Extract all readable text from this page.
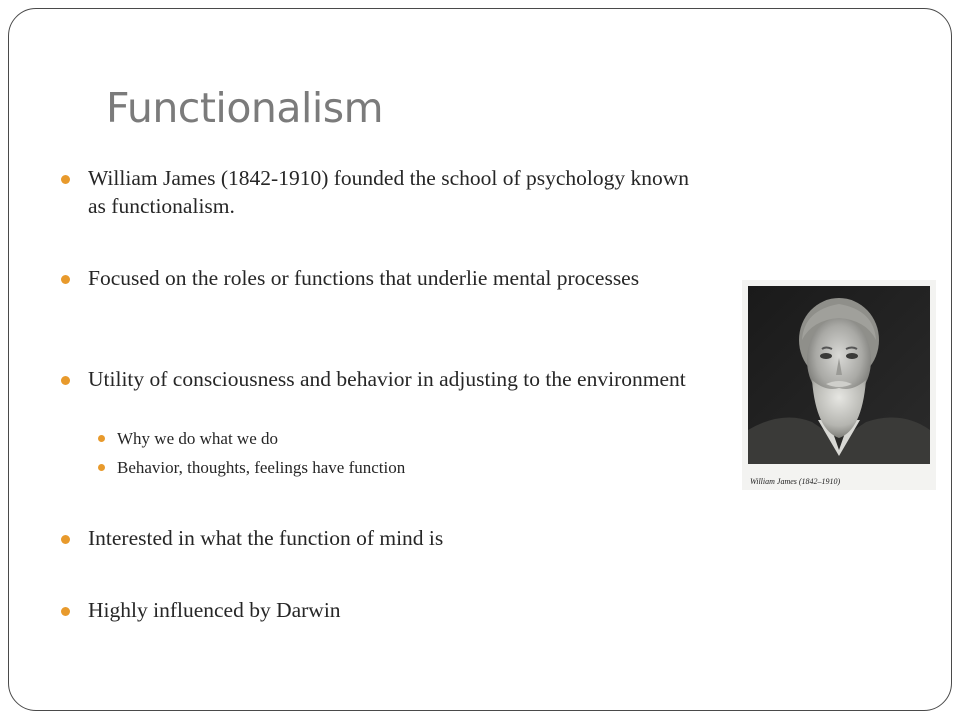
Functionalism
William James (1842-1910) founded the school of psychology known as functionalism.
Focused on the roles or functions that underlie mental processes
Utility of consciousness and behavior in adjusting to the environment
Why we do what we do
Behavior, thoughts, feelings have function
Interested in what the function of mind is
Highly influenced by Darwin
William James (1842–1910)
